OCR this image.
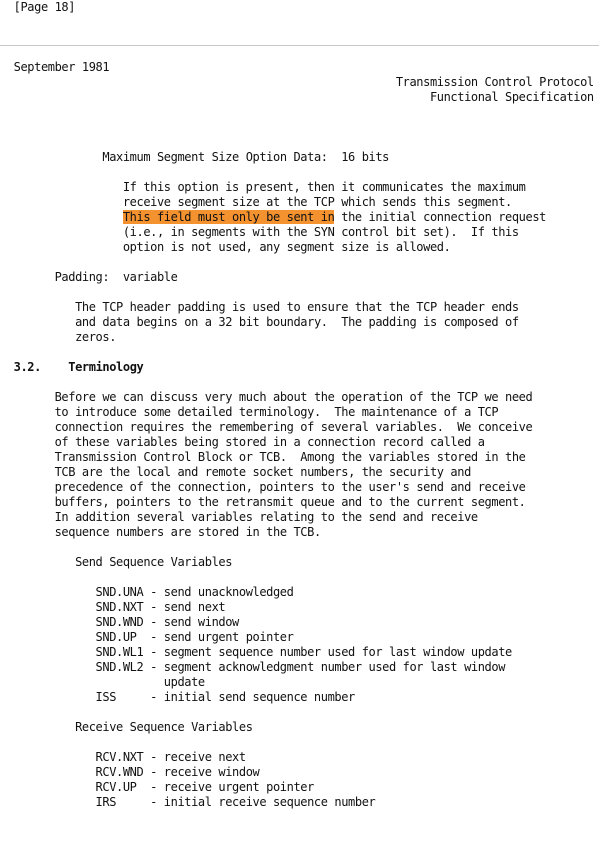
[Page 18]

September 1981
Transmission Control Protocol
Functional Specification

Maximum Segment Size Option Data:  16 bits

If this option is present, then it communicates the maximum
receive segment size at the TCP which sends this segment.
This field must only be sent in the initial connection request
(i.e., in segments with the SYN control bit set).  If this
option is not used, any segment size is allowed.

Padding:  variable

The TCP header padding is used to ensure that the TCP header ends
and data begins on a 32 bit boundary.  The padding is composed of
zeros.

3.2. Terminology

Before we can discuss very much about the operation of the TCP we need
to introduce some detailed terminology.  The maintenance of a TCP
connection requires the remembering of several variables.  We conceive
of these variables being stored in a connection record called a
Transmission Control Block or TCB.  Among the variables stored in the
TCB are the local and remote socket numbers, the security and
precedence of the connection, pointers to the user's send and receive
buffers, pointers to the retransmit queue and to the current segment.
In addition several variables relating to the send and receive
sequence numbers are stored in the TCB.

Send Sequence Variables

SND.UNA - send unacknowledged
SND.NXT - send next
SND.WND - send window
SND.UP  - send urgent pointer
SND.WL1 - segment sequence number used for last window update
SND.WL2 - segment acknowledgment number used for last window
update
ISS     - initial send sequence number

Receive Sequence Variables

RCV.NXT - receive next
RCV.WND - receive window
RCV.UP  - receive urgent pointer
IRS     - initial receive sequence number
